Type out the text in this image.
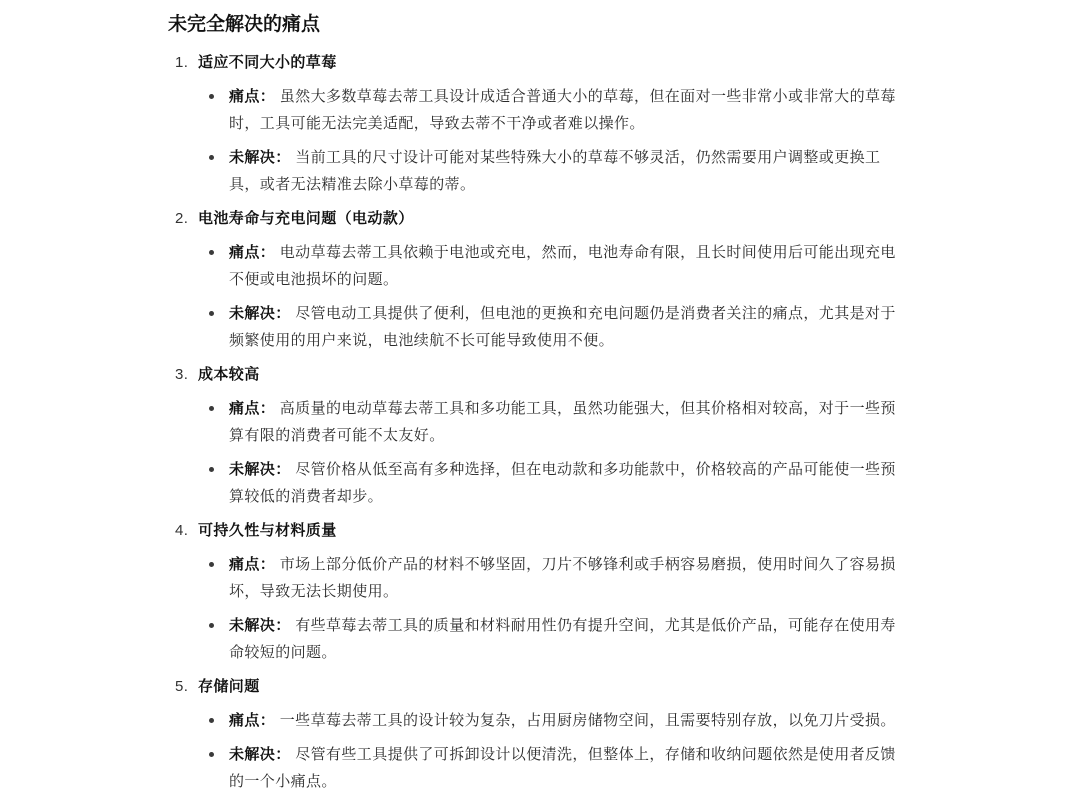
未完全解决的痛点
1. 适应不同大小的草莓
痛点： 虽然大多数草莓去蒂工具设计成适合普通大小的草莓，但在面对一些非常小或非常大的草莓时，工具可能无法完美适配，导致去蒂不干净或者难以操作。
未解决： 当前工具的尺寸设计可能对某些特殊大小的草莓不够灵活，仍然需要用户调整或更换工具，或者无法精准去除小草莓的蒂。
2. 电池寿命与充电问题（电动款）
痛点： 电动草莓去蒂工具依赖于电池或充电，然而，电池寿命有限，且长时间使用后可能出现充电不便或电池损坏的问题。
未解决： 尽管电动工具提供了便利，但电池的更换和充电问题仍是消费者关注的痛点，尤其是对于频繁使用的用户来说，电池续航不长可能导致使用不便。
3. 成本较高
痛点： 高质量的电动草莓去蒂工具和多功能工具，虽然功能强大，但其价格相对较高，对于一些预算有限的消费者可能不太友好。
未解决： 尽管价格从低至高有多种选择，但在电动款和多功能款中，价格较高的产品可能使一些预算较低的消费者却步。
4. 可持久性与材料质量
痛点： 市场上部分低价产品的材料不够坚固，刀片不够锋利或手柄容易磨损，使用时间久了容易损坏，导致无法长期使用。
未解决： 有些草莓去蒂工具的质量和材料耐用性仍有提升空间，尤其是低价产品，可能存在使用寿命较短的问题。
5. 存储问题
痛点： 一些草莓去蒂工具的设计较为复杂，占用厨房储物空间，且需要特别存放，以免刀片受损。
未解决： 尽管有些工具提供了可拆卸设计以便清洗，但整体上，存储和收纳问题依然是使用者反馈的一个小痛点。
